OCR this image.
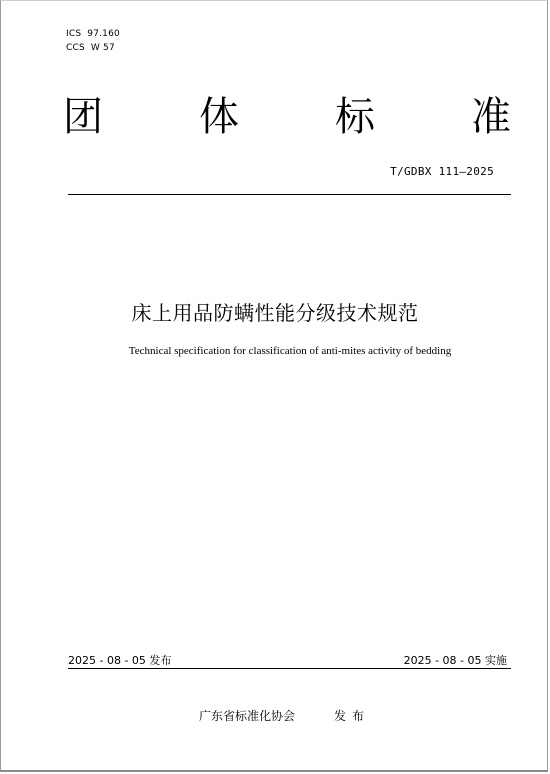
ICS 97.160
CCS W 57
团 体 标 准
T/GDBX 111—2025
床上用品防螨性能分级技术规范
Technical specification for classification of anti-mites activity of bedding
2025 - 08 - 05 发布	2025 - 08 - 05 实施
广东省标准化协会	发布
